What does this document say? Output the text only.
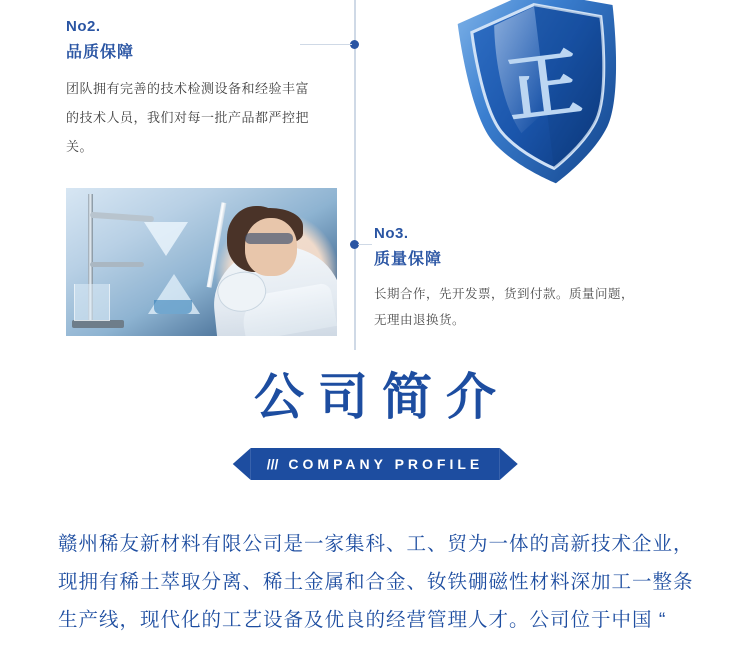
No2.
品质保障
团队拥有完善的技术检测设备和经验丰富的技术人员，我们对每一批产品都严控把关。
No3.
质量保障
长期合作，先开发票，货到付款。质量问题，无理由退换货。
正
公司简介
/// COMPANY PROFILE
赣州稀友新材料有限公司是一家集科、工、贸为一体的高新技术企业，现拥有稀土萃取分离、稀土金属和合金、钕铁硼磁性材料深加工一整条生产线，现代化的工艺设备及优良的经营管理人才。公司位于中国 “
